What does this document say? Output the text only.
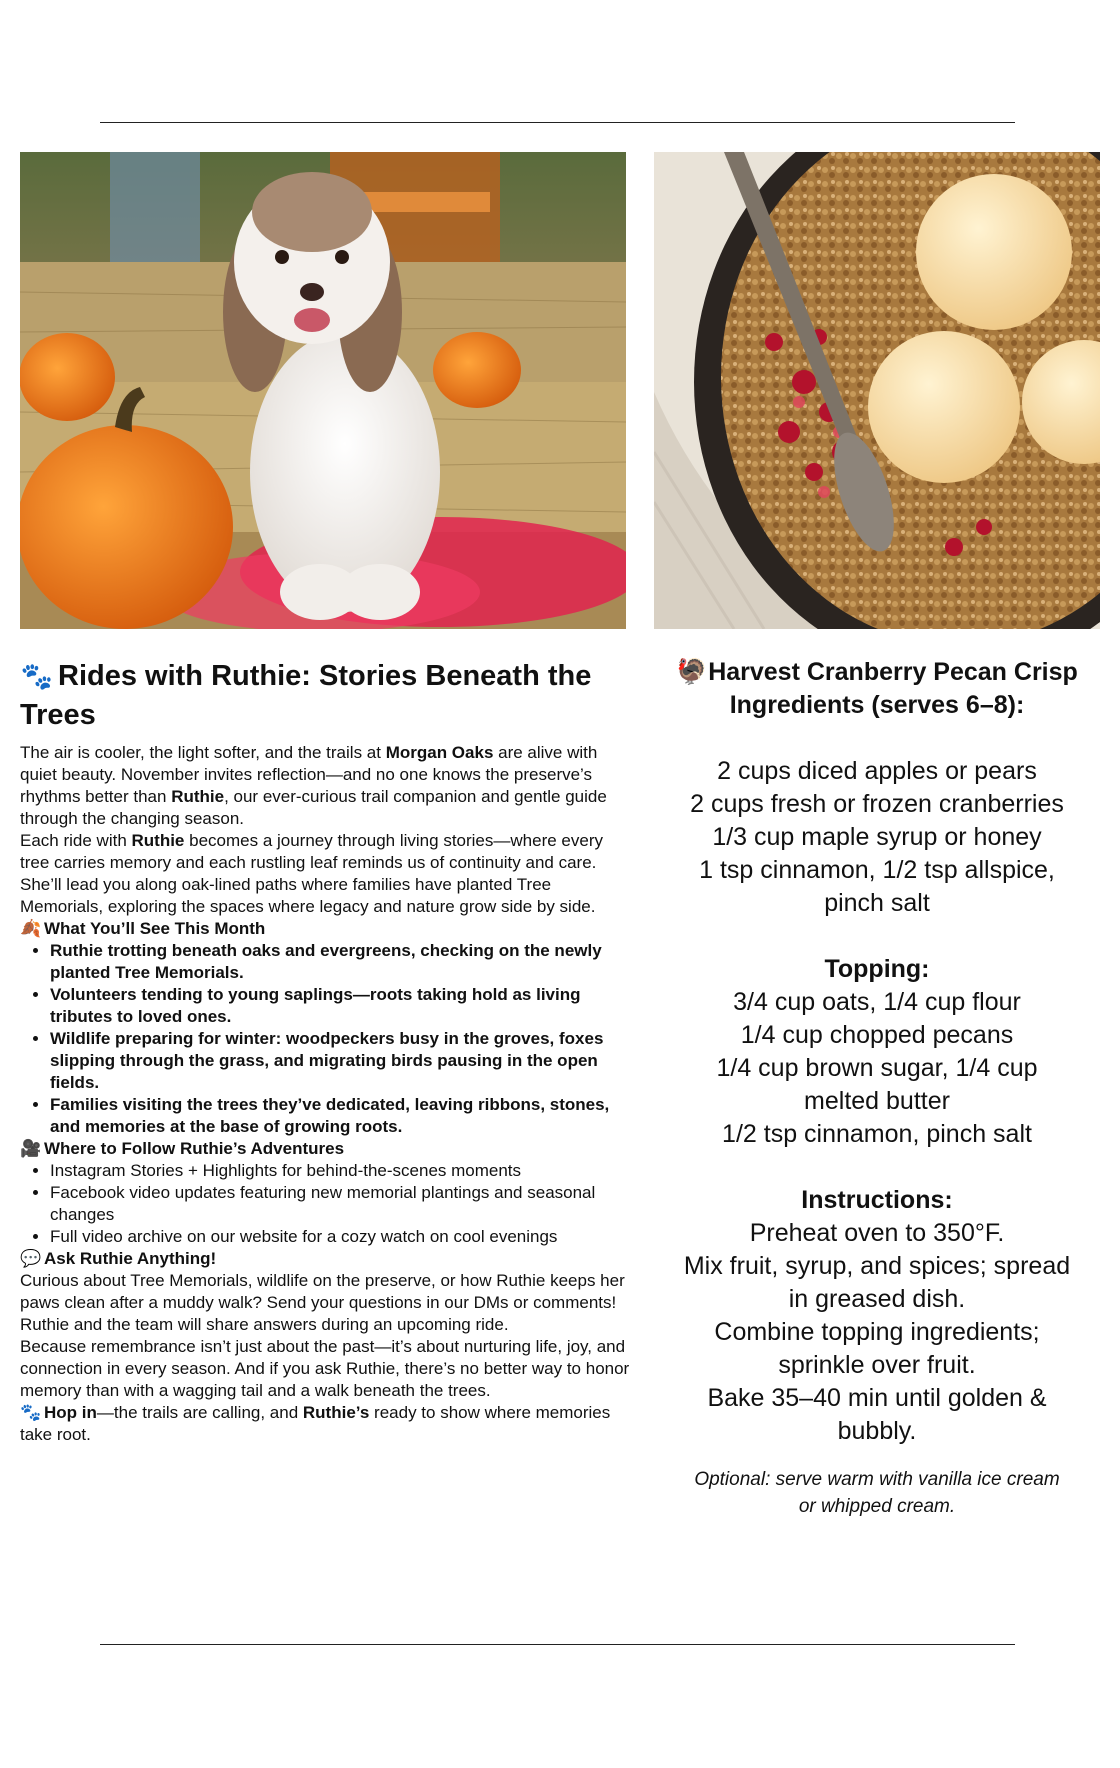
🐾 Rides with Ruthie: Stories Beneath the Trees

The air is cooler, the light softer, and the trails at Morgan Oaks are alive with quiet beauty. November invites reflection—and no one knows the preserve’s rhythms better than Ruthie, our ever-curious trail companion and gentle guide through the changing season.

Each ride with Ruthie becomes a journey through living stories—where every tree carries memory and each rustling leaf reminds us of continuity and care. She’ll lead you along oak-lined paths where families have planted Tree Memorials, exploring the spaces where legacy and nature grow side by side.

🍂 What You’ll See This Month

• Ruthie trotting beneath oaks and evergreens, checking on the newly planted Tree Memorials.
• Volunteers tending to young saplings—roots taking hold as living tributes to loved ones.
• Wildlife preparing for winter: woodpeckers busy in the groves, foxes slipping through the grass, and migrating birds pausing in the open fields.
• Families visiting the trees they’ve dedicated, leaving ribbons, stones, and memories at the base of growing roots.

🎥 Where to Follow Ruthie’s Adventures

• Instagram Stories + Highlights for behind-the-scenes moments
• Facebook video updates featuring new memorial plantings and seasonal changes
• Full video archive on our website for a cozy watch on cool evenings

💬 Ask Ruthie Anything!

Curious about Tree Memorials, wildlife on the preserve, or how Ruthie keeps her paws clean after a muddy walk? Send your questions in our DMs or comments! Ruthie and the team will share answers during an upcoming ride.

Because remembrance isn’t just about the past—it’s about nurturing life, joy, and connection in every season. And if you ask Ruthie, there’s no better way to honor memory than with a wagging tail and a walk beneath the trees.

🐾 Hop in—the trails are calling, and Ruthie’s ready to show where memories take root.

🦃Harvest Cranberry Pecan Crisp
Ingredients (serves 6–8):

2 cups diced apples or pears

2 cups fresh or frozen cranberries

1/3 cup maple syrup or honey

1 tsp cinnamon, 1/2 tsp allspice,

pinch salt

Topping:

3/4 cup oats, 1/4 cup flour

1/4 cup chopped pecans

1/4 cup brown sugar, 1/4 cup

melted butter

1/2 tsp cinnamon, pinch salt

Instructions:

Preheat oven to 350°F.

Mix fruit, syrup, and spices; spread

in greased dish.

Combine topping ingredients;

sprinkle over fruit.

Bake 35–40 min until golden &

bubbly.

Optional: serve warm with vanilla ice cream
or whipped cream.
